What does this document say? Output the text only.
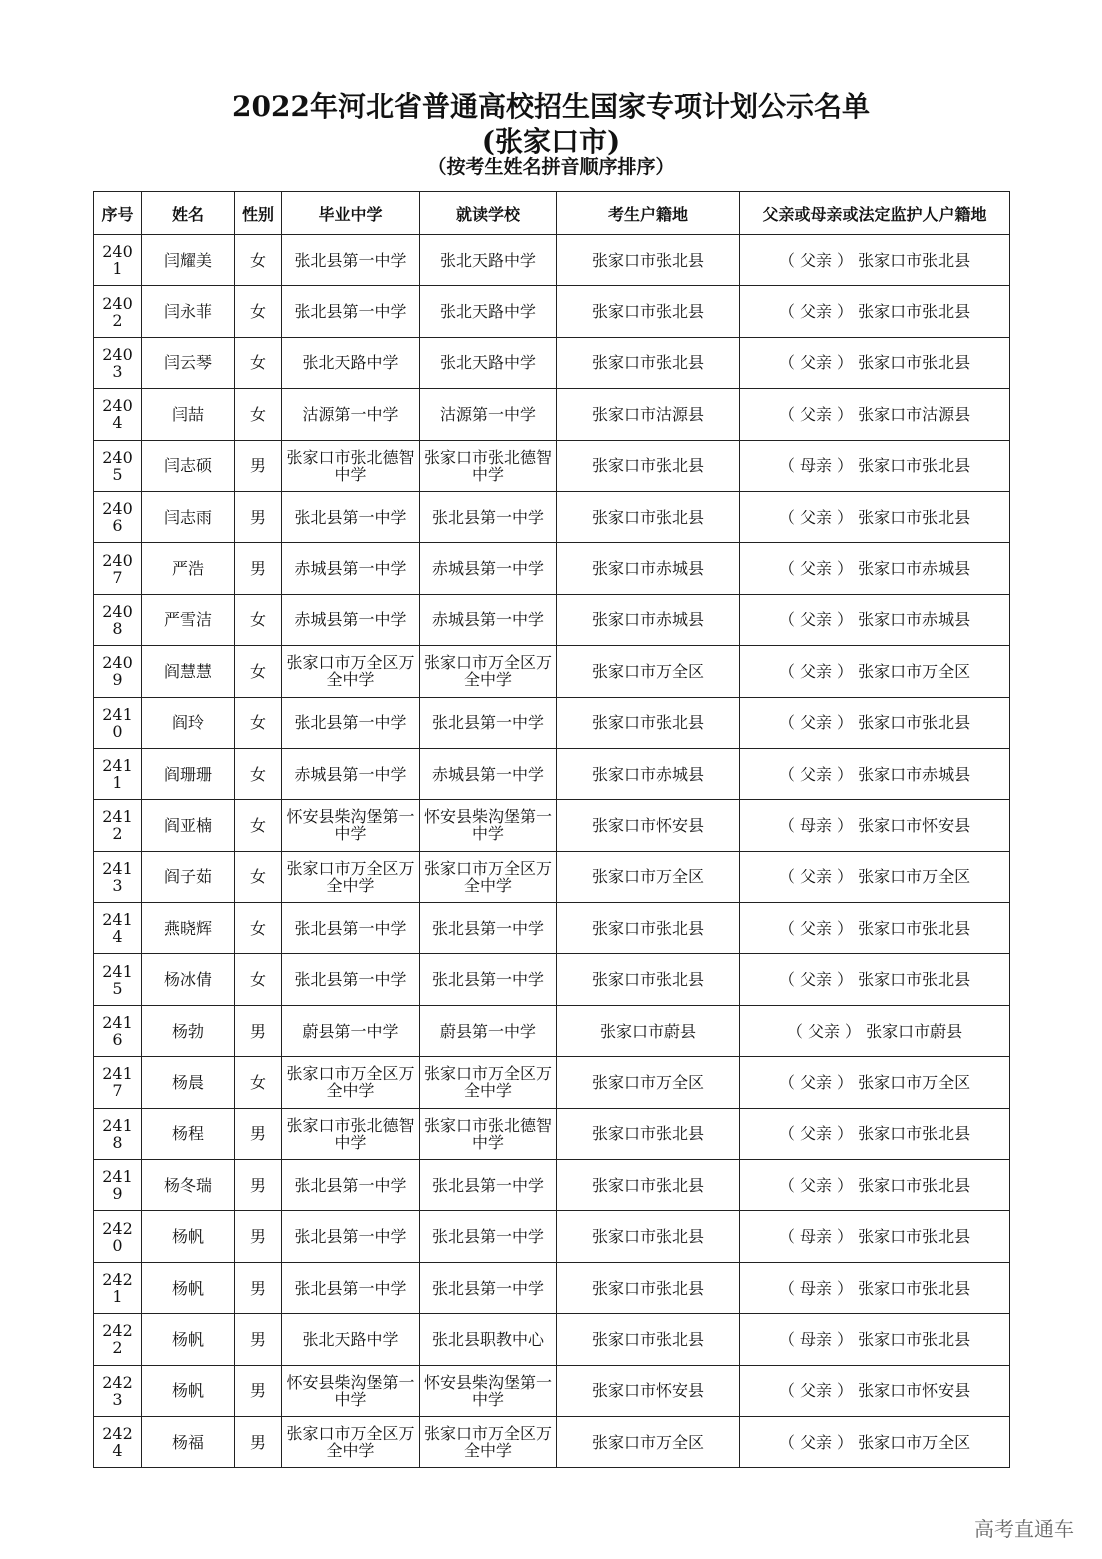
2022年河北省普通高校招生国家专项计划公示名单
(张家口市)
（按考生姓名拼音顺序排序）
序号	姓名	性别	毕业中学	就读学校	考生户籍地	父亲或母亲或法定监护人户籍地

2401	闫耀美	女	张北县第一中学	张北天路中学	张家口市张北县	（ 父亲 ） 张家口市张北县

2402	闫永菲	女	张北县第一中学	张北天路中学	张家口市张北县	（ 父亲 ） 张家口市张北县

2403	闫云琴	女	张北天路中学	张北天路中学	张家口市张北县	（ 父亲 ） 张家口市张北县

2404	闫喆	女	沽源第一中学	沽源第一中学	张家口市沽源县	（ 父亲 ） 张家口市沽源县

2405	闫志硕	男	张家口市张北德智中学	张家口市张北德智中学	张家口市张北县	（ 母亲 ） 张家口市张北县

2406	闫志雨	男	张北县第一中学	张北县第一中学	张家口市张北县	（ 父亲 ） 张家口市张北县

2407	严浩	男	赤城县第一中学	赤城县第一中学	张家口市赤城县	（ 父亲 ） 张家口市赤城县

2408	严雪洁	女	赤城县第一中学	赤城县第一中学	张家口市赤城县	（ 父亲 ） 张家口市赤城县

2409	阎慧慧	女	张家口市万全区万全中学	张家口市万全区万全中学	张家口市万全区	（ 父亲 ） 张家口市万全区

2410	阎玲	女	张北县第一中学	张北县第一中学	张家口市张北县	（ 父亲 ） 张家口市张北县

2411	阎珊珊	女	赤城县第一中学	赤城县第一中学	张家口市赤城县	（ 父亲 ） 张家口市赤城县

2412	阎亚楠	女	怀安县柴沟堡第一中学	怀安县柴沟堡第一中学	张家口市怀安县	（ 母亲 ） 张家口市怀安县

2413	阎子茹	女	张家口市万全区万全中学	张家口市万全区万全中学	张家口市万全区	（ 父亲 ） 张家口市万全区

2414	燕晓辉	女	张北县第一中学	张北县第一中学	张家口市张北县	（ 父亲 ） 张家口市张北县

2415	杨冰倩	女	张北县第一中学	张北县第一中学	张家口市张北县	（ 父亲 ） 张家口市张北县

2416	杨勃	男	蔚县第一中学	蔚县第一中学	张家口市蔚县	（ 父亲 ） 张家口市蔚县

2417	杨晨	女	张家口市万全区万全中学	张家口市万全区万全中学	张家口市万全区	（ 父亲 ） 张家口市万全区

2418	杨程	男	张家口市张北德智中学	张家口市张北德智中学	张家口市张北县	（ 父亲 ） 张家口市张北县

2419	杨冬瑞	男	张北县第一中学	张北县第一中学	张家口市张北县	（ 父亲 ） 张家口市张北县

2420	杨帆	男	张北县第一中学	张北县第一中学	张家口市张北县	（ 母亲 ） 张家口市张北县

2421	杨帆	男	张北县第一中学	张北县第一中学	张家口市张北县	（ 母亲 ） 张家口市张北县

2422	杨帆	男	张北天路中学	张北县职教中心	张家口市张北县	（ 母亲 ） 张家口市张北县

2423	杨帆	男	怀安县柴沟堡第一中学	怀安县柴沟堡第一中学	张家口市怀安县	（ 父亲 ） 张家口市怀安县

2424	杨福	男	张家口市万全区万全中学	张家口市万全区万全中学	张家口市万全区	（ 父亲 ） 张家口市万全区
高考直通车
